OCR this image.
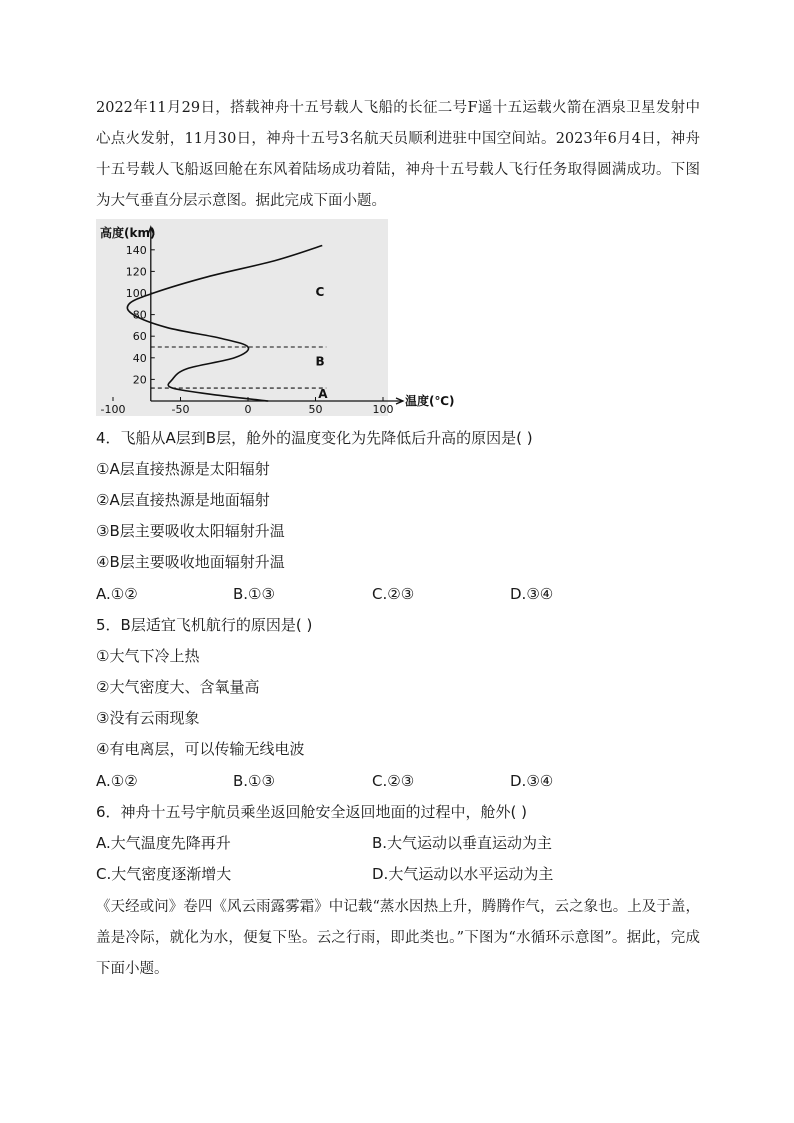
2022年11月29日，搭载神舟十五号载人飞船的长征二号F遥十五运载火箭在酒泉卫星发射中心点火发射，11月30日，神舟十五号3名航天员顺利进驻中国空间站。2023年6月4日，神舟十五号载人飞船返回舱在东风着陆场成功着陆，神舟十五号载人飞行任务取得圆满成功。下图为大气垂直分层示意图。据此完成下面小题。
20
40
60
80
100
120
140
-100	-50	0	50	100
高度(km)
温度(℃)
A
B
C
4．飞船从A层到B层，舱外的温度变化为先降低后升高的原因是( )
①A层直接热源是太阳辐射
②A层直接热源是地面辐射
③B层主要吸收太阳辐射升温
④B层主要吸收地面辐射升温
A.①②	B.①③	C.②③	D.③④
5．B层适宜飞机航行的原因是( )
①大气下冷上热
②大气密度大、含氧量高
③没有云雨现象
④有电离层，可以传输无线电波
A.①②	B.①③	C.②③	D.③④
6．神舟十五号宇航员乘坐返回舱安全返回地面的过程中，舱外( )
A.大气温度先降再升	B.大气运动以垂直运动为主
C.大气密度逐渐增大	D.大气运动以水平运动为主
《天经或问》卷四《风云雨露雾霜》中记载“蒸水因热上升，腾腾作气，云之象也。上及于盖，盖是冷际，就化为水，便复下坠。云之行雨，即此类也。”下图为“水循环示意图”。据此，完成下面小题。
